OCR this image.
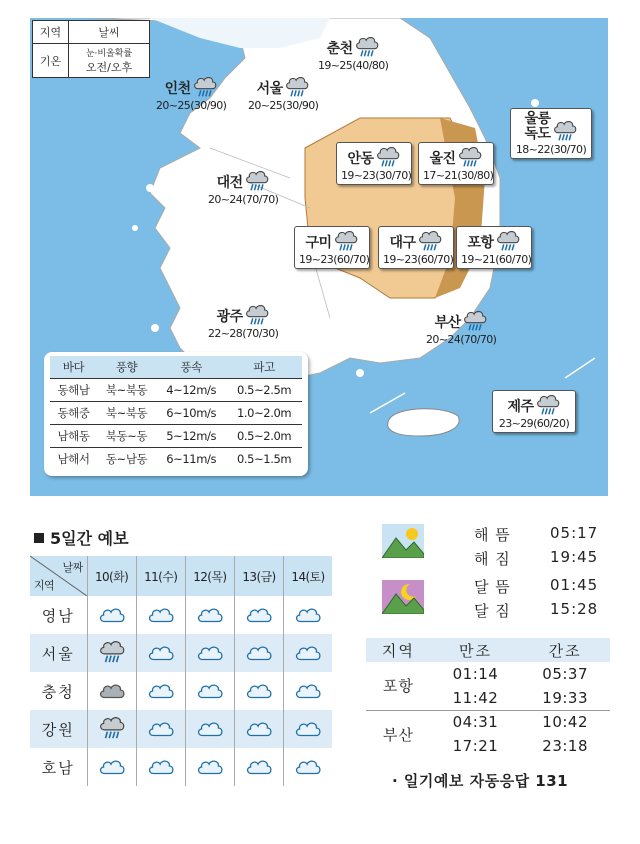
지역	날씨
기온
눈·비올확률
오전/오후
춘천
19~25(40/80)
인천
20~25(30/90)
서울
20~25(30/90)
울릉
독도
18~22(30/70)
안동
19~23(30/70)
울진
17~21(30/80)
대전
20~24(70/70)
구미
19~23(60/70)
대구
19~23(60/70)
포항
19~21(60/70)
광주
22~28(70/30)
부산
20~24(70/70)
제주
23~29(60/20)
바다	풍향	풍속	파고
동해남	북~북동	4~12m/s	0.5~2.5m
동해중	북~북동	6~10m/s	1.0~2.0m
남해동	북동~동	5~12m/s	0.5~2.0m
남해서	동~남동	6~11m/s	0.5~1.5m
5일간 예보
날짜
지역	10(화)	11(수)	12(목)	13(금)	14(토)
영남					
서울					
충청					
강원					
호남					
해 뜸	05:17
해 짐	19:45
달 뜸	01:45
달 짐	15:28
지역	만조	간조
포항	01:14	05:37
	11:42	19:33
부산	04:31	10:42
	17:21	23:18
· 일기예보 자동응답 131
